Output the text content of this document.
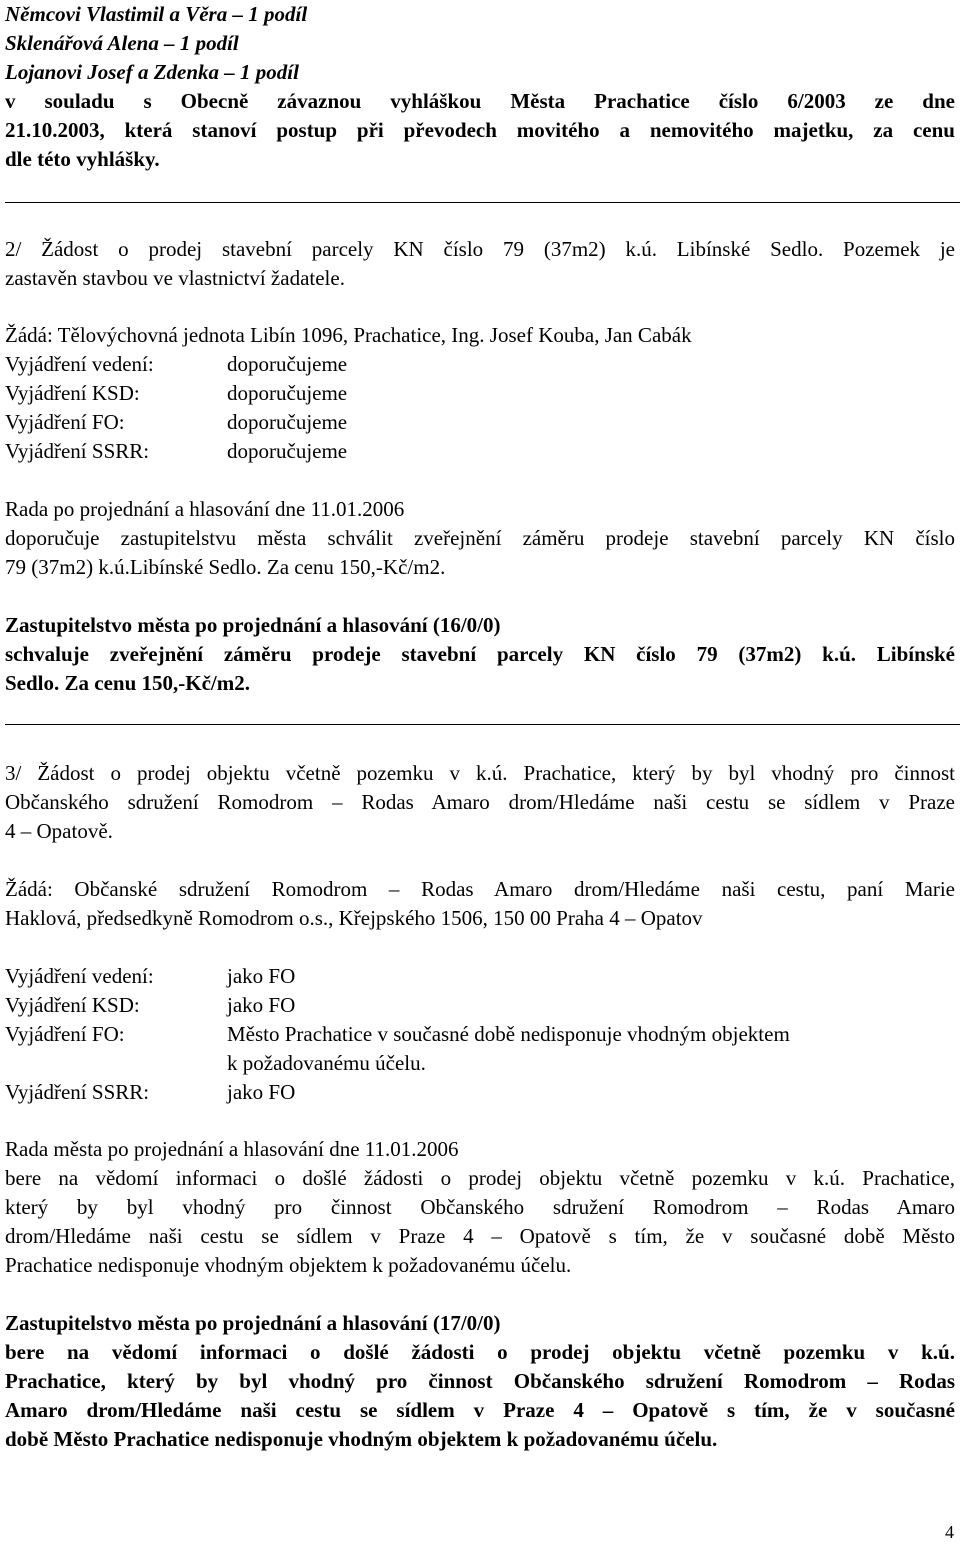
Němcovi Vlastimil a Věra – 1 podíl
Sklenářová Alena – 1 podíl
Lojanovi Josef a Zdenka – 1 podíl
v souladu s Obecně závaznou vyhláškou Města Prachatice číslo 6/2003 ze dne
21.10.2003, která stanoví postup při převodech movitého a nemovitého majetku, za cenu
dle této vyhlášky.
2/ Žádost o prodej stavební parcely KN číslo 79 (37m2) k.ú. Libínské Sedlo. Pozemek je
zastavěn stavbou ve vlastnictví žadatele.
Žádá: Tělovýchovná jednota Libín 1096, Prachatice, Ing. Josef Kouba, Jan Cabák
Vyjádření vedení:	doporučujeme
Vyjádření KSD:	doporučujeme
Vyjádření FO:	doporučujeme
Vyjádření SSRR:	doporučujeme
Rada po projednání a hlasování dne 11.01.2006
doporučuje zastupitelstvu města schválit zveřejnění záměru prodeje stavební parcely KN číslo
79 (37m2) k.ú.Libínské Sedlo. Za cenu 150,-Kč/m2.
Zastupitelstvo města po projednání a hlasování (16/0/0)
schvaluje zveřejnění záměru prodeje stavební parcely KN číslo 79 (37m2) k.ú. Libínské
Sedlo. Za cenu 150,-Kč/m2.
3/ Žádost o prodej objektu včetně pozemku v k.ú. Prachatice, který by byl vhodný pro činnost
Občanského sdružení Romodrom – Rodas Amaro drom/Hledáme naši cestu se sídlem v Praze
4 – Opatově.
Žádá: Občanské sdružení Romodrom – Rodas Amaro drom/Hledáme naši cestu, paní Marie
Haklová, předsedkyně Romodrom o.s., Křejpského 1506, 150 00 Praha 4 – Opatov
Vyjádření vedení:	jako FO
Vyjádření KSD:	jako FO
Vyjádření FO:	Město Prachatice v současné době nedisponuje vhodným objektem
k požadovanému účelu.
Vyjádření SSRR:	jako FO
Rada města po projednání a hlasování dne 11.01.2006
bere na vědomí informaci o došlé žádosti o prodej objektu včetně pozemku v k.ú. Prachatice,
který by byl vhodný pro činnost Občanského sdružení Romodrom – Rodas Amaro
drom/Hledáme naši cestu se sídlem v Praze 4 – Opatově s tím, že v současné době Město
Prachatice nedisponuje vhodným objektem k požadovanému účelu.
Zastupitelstvo města po projednání a hlasování (17/0/0)
bere na vědomí informaci o došlé žádosti o prodej objektu včetně pozemku v k.ú.
Prachatice, který by byl vhodný pro činnost Občanského sdružení Romodrom – Rodas
Amaro drom/Hledáme naši cestu se sídlem v Praze 4 – Opatově s tím, že v současné
době Město Prachatice nedisponuje vhodným objektem k požadovanému účelu.
4
